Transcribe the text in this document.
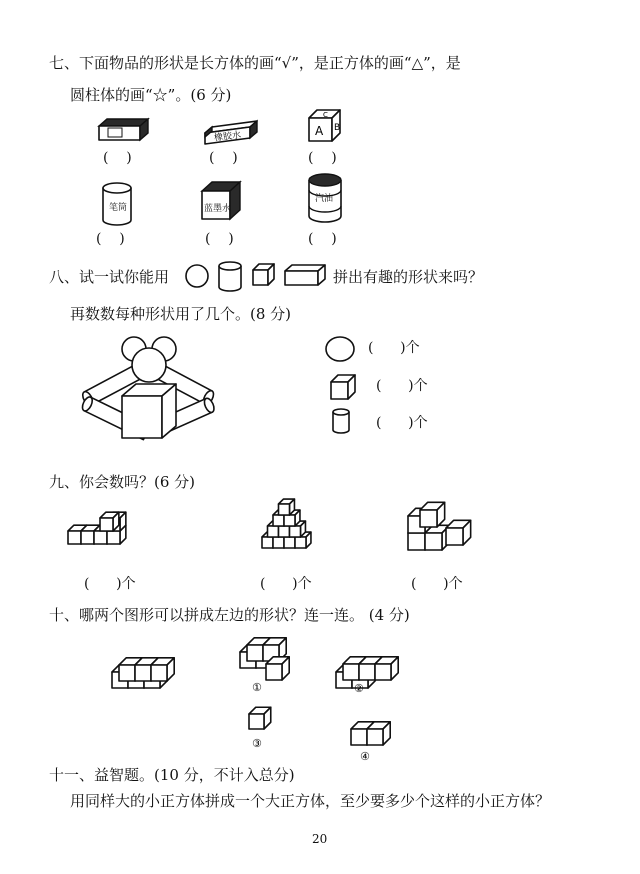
七、下面物品的形状是长方体的画“√”，是正方体的画“△”，是
圆柱体的画“☆”。(6 分)
(    )	(    )	(    )
(    )	(    )	(    )
八、试一试你能用	拼出有趣的形状来吗？
再数数每种形状用了几个。(8 分)
(      )个
(      )个
(      )个
九、你会数吗？(6 分)
(      )个	(      )个	(      )个
十、哪两个图形可以拼成左边的形状？连一连。 (4 分)
十一、益智题。(10 分，不计入总分)
用同样大的小正方体拼成一个大正方体，至少要多少个这样的小正方体？
20
橡胶水	A B
C
笔筒	蓝墨水
汽油
①	②
③
④
